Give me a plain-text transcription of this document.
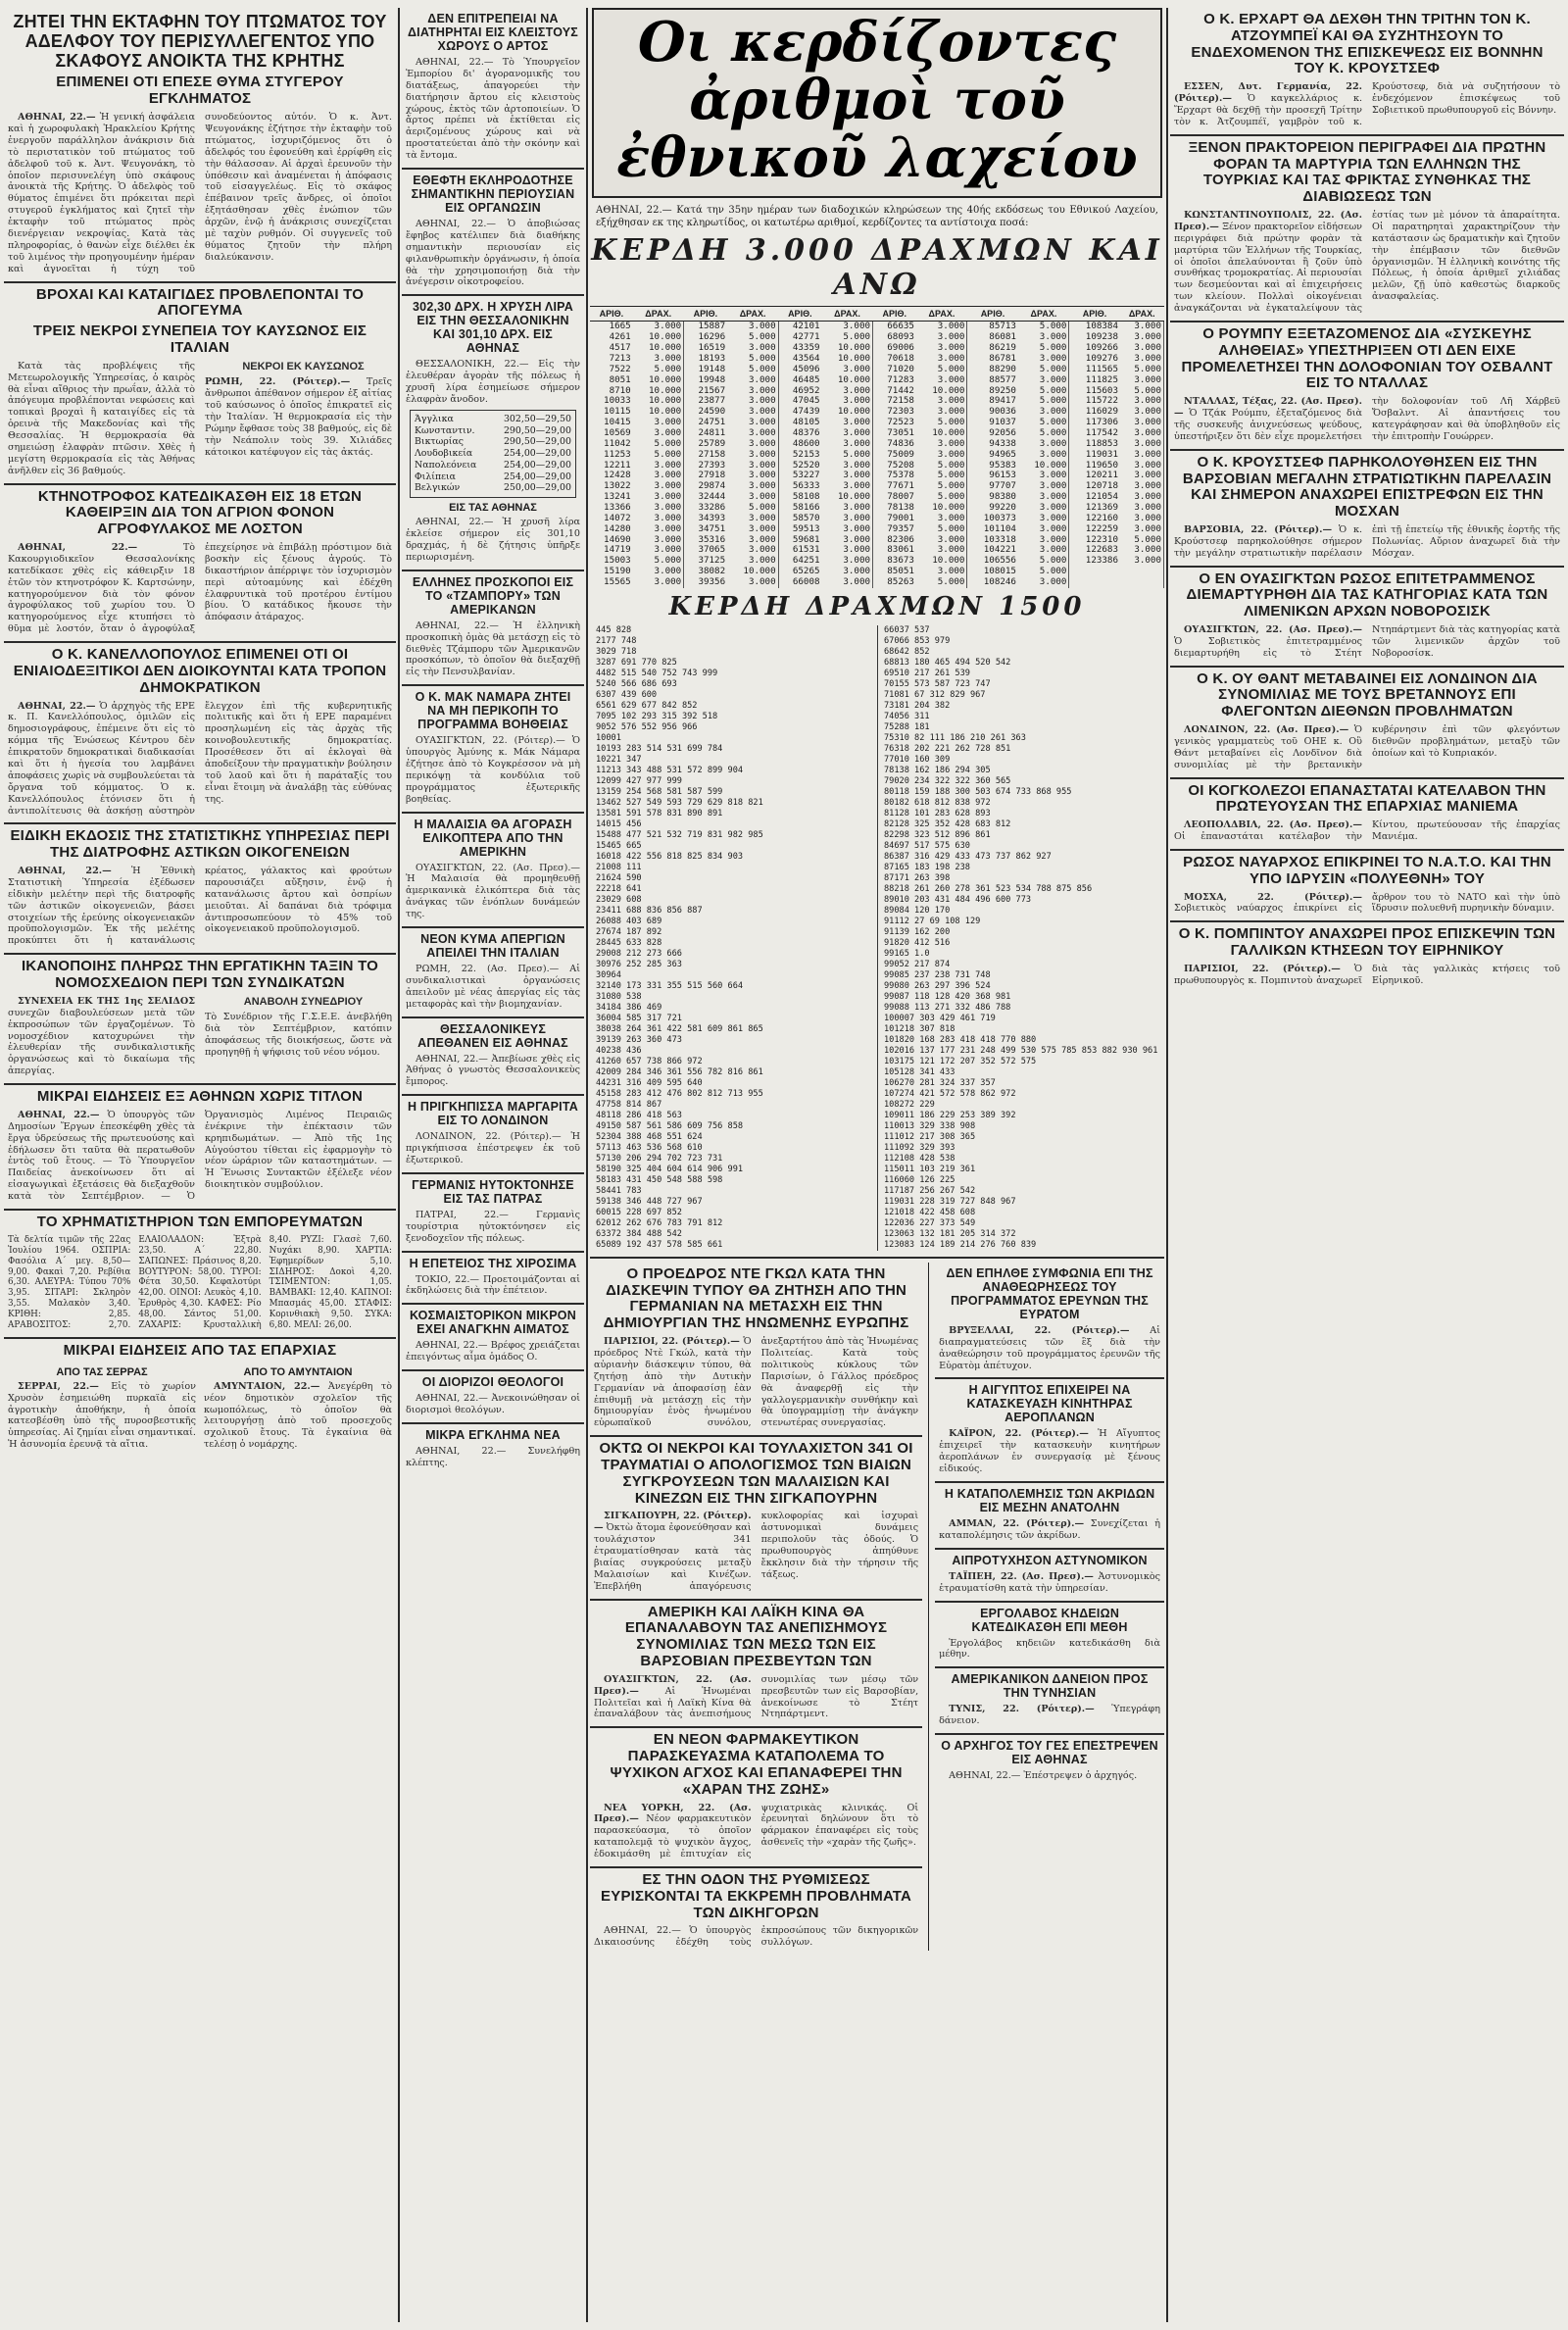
ΖΗΤΕΙ ΤΗΝ ΕΚΤΑΦΗΝ ΤΟΥ ΠΤΩΜΑΤΟΣ ΤΟΥ ΑΔΕΛΦΟΥ ΤΟΥ ΠΕΡΙΣΥΛΛΕΓΕΝΤΟΣ ΥΠΟ ΣΚΑΦΟΥΣ ΑΝΟΙΚΤΑ ΤΗΣ ΚΡΗΤΗΣ
ΕΠΙΜΕΝΕΙ ΟΤΙ ΕΠΕΣΕ ΘΥΜΑ ΣΤΥΓΕΡΟΥ ΕΓΚΛΗΜΑΤΟΣ
ΑΘΗΝΑΙ, 22.— Ἡ γενική ἀσφάλεια καὶ ἡ χωροφυλακὴ Ἡρακλείου Κρήτης ἐνεργοῦν παράλληλον ἀνάκρισιν διὰ τὸ περιστατικὸν τοῦ πτώματος τοῦ ἀδελφοῦ τοῦ κ. Ἀντ. Ψευγονάκη, τὸ ὁποῖον περισυνελέγη ὑπὸ σκάφους ἀνοικτὰ τῆς Κρήτης. Ὁ ἀδελφὸς τοῦ θύματος ἐπιμένει ὅτι πρόκειται περὶ στυγεροῦ ἐγκλήματος καὶ ζητεῖ τὴν ἐκταφὴν τοῦ πτώματος πρὸς διενέργειαν νεκροψίας. Κατὰ τὰς πληροφορίας, ὁ θανὼν εἶχε διέλθει ἐκ τοῦ λιμένος τὴν προηγουμένην ἡμέραν καὶ ἀγνοεῖται ἡ τύχη τοῦ συνοδεύοντος αὐτόν. Ὁ κ. Ἀντ. Ψευγονάκης ἐζήτησε τὴν ἐκταφὴν τοῦ πτώματος, ἰσχυριζόμενος ὅτι ὁ ἀδελφός του ἐφονεύθη καὶ ἐρρίφθη εἰς τὴν θάλασσαν. Αἱ ἀρχαὶ ἐρευνοῦν τὴν ὑπόθεσιν καὶ ἀναμένεται ἡ ἀπόφασις τοῦ εἰσαγγελέως. Εἰς τὸ σκάφος ἐπέβαινον τρεῖς ἄνδρες, οἱ ὁποῖοι ἐξητάσθησαν χθὲς ἐνώπιον τῶν ἀρχῶν, ἐνῷ ἡ ἀνάκρισις συνεχίζεται μὲ ταχὺν ρυθμόν. Οἱ συγγενεῖς τοῦ θύματος ζητοῦν τὴν πλήρη διαλεύκανσιν.
ΒΡΟΧΑΙ ΚΑΙ ΚΑΤΑΙΓΙΔΕΣ ΠΡΟΒΛΕΠΟΝΤΑΙ ΤΟ ΑΠΟΓΕΥΜΑ
ΤΡΕΙΣ ΝΕΚΡΟΙ ΣΥΝΕΠΕΙΑ ΤΟΥ ΚΑΥΣΩΝΟΣ ΕΙΣ ΙΤΑΛΙΑΝ
Κατὰ τὰς προβλέψεις τῆς Μετεωρολογικῆς Ὑπηρεσίας, ὁ καιρὸς θὰ εἶναι αἴθριος τὴν πρωΐαν, ἀλλὰ τὸ ἀπόγευμα προβλέπονται νεφώσεις καὶ τοπικαὶ βροχαὶ ἢ καταιγίδες εἰς τὰ ὀρεινὰ τῆς Μακεδονίας καὶ τῆς Θεσσαλίας. Ἡ θερμοκρασία θὰ σημειώσῃ ἐλαφρὰν πτῶσιν. Χθὲς ἡ μεγίστη θερμοκρασία εἰς τὰς Ἀθήνας ἀνῆλθεν εἰς 36 βαθμούς.
ΝΕΚΡΟΙ ΕΚ ΚΑΥΣΩΝΟΣ
ΡΩΜΗ, 22. (Ρόιτερ).— Τρεῖς ἄνθρωποι ἀπέθανον σήμερον ἐξ αἰτίας τοῦ καύσωνος ὁ ὁποῖος ἐπικρατεῖ εἰς τὴν Ἰταλίαν. Ἡ θερμοκρασία εἰς τὴν Ρώμην ἔφθασε τοὺς 38 βαθμούς, εἰς δὲ τὴν Νεάπολιν τοὺς 39. Χιλιάδες κάτοικοι κατέφυγον εἰς τὰς ἀκτάς.
ΚΤΗΝΟΤΡΟΦΟΣ ΚΑΤΕΔΙΚΑΣΘΗ ΕΙΣ 18 ΕΤΩΝ ΚΑΘΕΙΡΞΙΝ ΔΙΑ ΤΟΝ ΑΓΡΙΟΝ ΦΟΝΟΝ ΑΓΡΟΦΥΛΑΚΟΣ ΜΕ ΛΟΣΤΟΝ
ΑΘΗΝΑΙ, 22.— Τὸ Κακουργιοδικεῖον Θεσσαλονίκης κατεδίκασε χθὲς εἰς κάθειρξιν 18 ἐτῶν τὸν κτηνοτρόφον Κ. Καρτσώνην, κατηγορούμενον διὰ τὸν φόνον ἀγροφύλακος τοῦ χωρίου του. Ὁ κατηγορούμενος εἶχε κτυπήσει τὸ θῦμα μὲ λοστόν, ὅταν ὁ ἀγροφύλαξ ἐπεχείρησε νὰ ἐπιβάλῃ πρόστιμον διὰ βοσκὴν εἰς ξένους ἀγρούς. Τὸ δικαστήριον ἀπέρριψε τὸν ἰσχυρισμὸν περὶ αὐτοαμύνης καὶ ἐδέχθη ἐλαφρυντικὰ τοῦ προτέρου ἐντίμου βίου. Ὁ κατάδικος ἤκουσε τὴν ἀπόφασιν ἀτάραχος.
Ο Κ. ΚΑΝΕΛΛΟΠΟΥΛΟΣ ΕΠΙΜΕΝΕΙ ΟΤΙ ΟΙ ΕΝΙΑΙΟΔΕΞΙΤΙΚΟΙ ΔΕΝ ΔΙΟΙΚΟΥΝΤΑΙ ΚΑΤΑ ΤΡΟΠΟΝ ΔΗΜΟΚΡΑΤΙΚΟΝ
ΑΘΗΝΑΙ, 22.— Ὁ ἀρχηγὸς τῆς ΕΡΕ κ. Π. Κανελλόπουλος, ὁμιλῶν εἰς δημοσιογράφους, ἐπέμεινε ὅτι εἰς τὸ κόμμα τῆς Ἑνώσεως Κέντρου δὲν ἐπικρατοῦν δημοκρατικαὶ διαδικασίαι καὶ ὅτι ἡ ἡγεσία του λαμβάνει ἀποφάσεις χωρὶς νὰ συμβουλεύεται τὰ ὄργανα τοῦ κόμματος. Ὁ κ. Κανελλόπουλος ἐτόνισεν ὅτι ἡ ἀντιπολίτευσις θὰ ἀσκήσῃ αὐστηρὸν ἔλεγχον ἐπὶ τῆς κυβερνητικῆς πολιτικῆς καὶ ὅτι ἡ ΕΡΕ παραμένει προσηλωμένη εἰς τὰς ἀρχὰς τῆς κοινοβουλευτικῆς δημοκρατίας. Προσέθεσεν ὅτι αἱ ἐκλογαὶ θὰ ἀποδείξουν τὴν πραγματικὴν βούλησιν τοῦ λαοῦ καὶ ὅτι ἡ παράταξίς του εἶναι ἕτοιμη νὰ ἀναλάβῃ τὰς εὐθύνας της.
ΕΙΔΙΚΗ ΕΚΔΟΣΙΣ ΤΗΣ ΣΤΑΤΙΣΤΙΚΗΣ ΥΠΗΡΕΣΙΑΣ ΠΕΡΙ ΤΗΣ ΔΙΑΤΡΟΦΗΣ ΑΣΤΙΚΩΝ ΟΙΚΟΓΕΝΕΙΩΝ
ΑΘΗΝΑΙ, 22.— Ἡ Ἐθνικὴ Στατιστικὴ Ὑπηρεσία ἐξέδωσεν εἰδικὴν μελέτην περὶ τῆς διατροφῆς τῶν ἀστικῶν οἰκογενειῶν, βάσει στοιχείων τῆς ἐρεύνης οἰκογενειακῶν προϋπολογισμῶν. Ἐκ τῆς μελέτης προκύπτει ὅτι ἡ κατανάλωσις κρέατος, γάλακτος καὶ φρούτων παρουσιάζει αὔξησιν, ἐνῷ ἡ κατανάλωσις ἄρτου καὶ ὀσπρίων μειοῦται. Αἱ δαπάναι διὰ τρόφιμα ἀντιπροσωπεύουν τὸ 45% τοῦ οἰκογενειακοῦ προϋπολογισμοῦ.
ΙΚΑΝΟΠΟΙΗΣ ΠΛΗΡΩΣ ΤΗΝ ΕΡΓΑΤΙΚΗΝ ΤΑΞΙΝ ΤΟ ΝΟΜΟΣΧΕΔΙΟΝ ΠΕΡΙ ΤΩΝ ΣΥΝΔΙΚΑΤΩΝ
ΣΥΝΕΧΕΙΑ ΕΚ ΤΗΣ 1ης ΣΕΛΙΔΟΣ συνεχῶν διαβουλεύσεων μετὰ τῶν ἐκπροσώπων τῶν ἐργαζομένων. Τὸ νομοσχέδιον κατοχυρώνει τὴν ἐλευθερίαν τῆς συνδικαλιστικῆς ὀργανώσεως καὶ τὸ δικαίωμα τῆς ἀπεργίας.
ΑΝΑΒΟΛΗ ΣΥΝΕΔΡΙΟΥ
Τὸ Συνέδριον τῆς Γ.Σ.Ε.Ε. ἀνεβλήθη διὰ τὸν Σεπτέμβριον, κατόπιν ἀποφάσεως τῆς διοικήσεως, ὥστε νὰ προηγηθῇ ἡ ψήφισις τοῦ νέου νόμου.
ΜΙΚΡΑΙ ΕΙΔΗΣΕΙΣ ΕΞ ΑΘΗΝΩΝ ΧΩΡΙΣ ΤΙΤΛΟΝ
ΑΘΗΝΑΙ, 22.— Ὁ ὑπουργὸς τῶν Δημοσίων Ἔργων ἐπεσκέφθη χθὲς τὰ ἔργα ὑδρεύσεως τῆς πρωτευούσης καὶ ἐδήλωσεν ὅτι ταῦτα θὰ περατωθοῦν ἐντὸς τοῦ ἔτους. — Τὸ Ὑπουργεῖον Παιδείας ἀνεκοίνωσεν ὅτι αἱ εἰσαγωγικαὶ ἐξετάσεις θὰ διεξαχθοῦν κατὰ τὸν Σεπτέμβριον. — Ὁ Ὀργανισμὸς Λιμένος Πειραιῶς ἐνέκρινε τὴν ἐπέκτασιν τῶν κρηπιδωμάτων. — Ἀπὸ τῆς 1ης Αὐγούστου τίθεται εἰς ἐφαρμογὴν τὸ νέον ὡράριον τῶν καταστημάτων. — Ἡ Ἕνωσις Συντακτῶν ἐξέλεξε νέον διοικητικὸν συμβούλιον.
ΤΟ ΧΡΗΜΑΤΙΣΤΗΡΙΟΝ ΤΩΝ ΕΜΠΟΡΕΥΜΑΤΩΝ
Τὰ δελτία τιμῶν τῆς 22ας Ἰουλίου 1964. ΟΣΠΡΙΑ: Φασόλια Α΄ μεγ. 8,50—9,00. Φακαὶ 7,20. Ρεβίθια 6,30. ΑΛΕΥΡΑ: Τύπου 70% 3,95. ΣΙΤΑΡΙ: Σκληρὸν 3,55. Μαλακὸν 3,40. ΚΡΙΘΗ: 2,85. ΑΡΑΒΟΣΙΤΟΣ: 2,70. ΕΛΑΙΟΛΑΔΟΝ: Ἐξτρὰ 23,50. Α΄ 22,80. ΣΑΠΩΝΕΣ: Πράσινος 8,20. ΒΟΥΤΥΡΟΝ: 58,00. ΤΥΡΟΙ: Φέτα 30,50. Κεφαλοτύρι 42,00. ΟΙΝΟΙ: Λευκὸς 4,10. Ἐρυθρὸς 4,30. ΚΑΦΕΣ: Ρίο 48,00. Σάντος 51,00. ΖΑΧΑΡΙΣ: Κρυσταλλικὴ 8,40. ΡΥΖΙ: Γλασὲ 7,60. Νυχάκι 8,90. ΧΑΡΤΙΑ: Ἐφημερίδων 5,10. ΣΙΔΗΡΟΣ: Δοκοὶ 4,20. ΤΣΙΜΕΝΤΟΝ: 1,05. ΒΑΜΒΑΚΙ: 12,40. ΚΑΠΝΟΙ: Μπασμάς 45,00. ΣΤΑΦΙΣ: Κορινθιακὴ 9,50. ΣΥΚΑ: 6,80. ΜΕΛΙ: 26,00.
ΜΙΚΡΑΙ ΕΙΔΗΣΕΙΣ ΑΠΟ ΤΑΣ ΕΠΑΡΧΙΑΣ
ΑΠΟ ΤΑΣ ΣΕΡΡΑΣ
ΣΕΡΡΑΙ, 22.— Εἰς τὸ χωρίον Χρυσὸν ἐσημειώθη πυρκαϊὰ εἰς ἀγροτικὴν ἀποθήκην, ἡ ὁποία κατεσβέσθη ὑπὸ τῆς πυροσβεστικῆς ὑπηρεσίας. Αἱ ζημίαι εἶναι σημαντικαί. Ἡ ἀσυνομία ἐρευνᾷ τὰ αἴτια.
ΑΠΟ ΤΟ ΑΜΥΝΤΑΙΟΝ
ΑΜΥΝΤΑΙΟΝ, 22.— Ἀνεγέρθη τὸ νέον δημοτικὸν σχολεῖον τῆς κωμοπόλεως, τὸ ὁποῖον θὰ λειτουργήσῃ ἀπὸ τοῦ προσεχοῦς σχολικοῦ ἔτους. Τὰ ἐγκαίνια θὰ τελέσῃ ὁ νομάρχης.
ΔΕΝ ΕΠΙΤΡΕΠΕΙΑΙ ΝΑ ΔΙΑΤΗΡΗΤΑΙ ΕΙΣ ΚΛΕΙΣΤΟΥΣ ΧΩΡΟΥΣ Ο ΑΡΤΟΣ
ΑΘΗΝΑΙ, 22.— Τὸ Ὑπουργεῖον Ἐμπορίου δι' ἀγορανομικῆς του διατάξεως, ἀπαγορεύει τὴν διατήρησιν ἄρτου εἰς κλειστοὺς χώρους, ἐκτὸς τῶν ἀρτοποιείων. Ὁ ἄρτος πρέπει νὰ ἐκτίθεται εἰς ἀεριζομένους χώρους καὶ νὰ προστατεύεται ἀπὸ τὴν σκόνην καὶ τὰ ἔντομα.
ΕΘΕΦΤΗ ΕΚΛΗΡΟΔΟΤΗΣΕ ΣΗΜΑΝΤΙΚΗΝ ΠΕΡΙΟΥΣΙΑΝ ΕΙΣ ΟΡΓΑΝΩΣΙΝ
ΑΘΗΝΑΙ, 22.— Ὁ ἀποβιώσας ἔφηβος κατέλιπεν διὰ διαθήκης σημαντικὴν περιουσίαν εἰς φιλανθρωπικὴν ὀργάνωσιν, ἡ ὁποία θὰ τὴν χρησιμοποιήσῃ διὰ τὴν ἀνέγερσιν οἰκοτροφείου.
302,30 ΔΡΧ. Η ΧΡΥΣΗ ΛΙΡΑ ΕΙΣ ΤΗΝ ΘΕΣΣΑΛΟΝΙΚΗΝ ΚΑΙ 301,10 ΔΡΧ. ΕΙΣ ΑΘΗΝΑΣ
ΘΕΣΣΑΛΟΝΙΚΗ, 22.— Εἰς τὴν ἐλευθέραν ἀγορὰν τῆς πόλεως ἡ χρυσῆ λίρα ἐσημείωσε σήμερον ἐλαφρὰν ἄνοδον.
Άγγλικα	302,50—29,50
Κωνσταντιν.	290,50—29,00
Βικτωρίας	290,50—29,00
Λουδοβικεία	254,00—29,00
Ναπολεόνεια	254,00—29,00
Φιλίπεια	254,00—29,00
Βελγικών	250,00—29,00
ΕΙΣ ΤΑΣ ΑΘΗΝΑΣ
ΑΘΗΝΑΙ, 22.— Ἡ χρυσῆ λίρα ἐκλείσε σήμερον εἰς 301,10 δραχμάς, ἡ δὲ ζήτησις ὑπῆρξε περιωρισμένη.
ΕΛΛΗΝΕΣ ΠΡΟΣΚΟΠΟΙ ΕΙΣ ΤΟ «ΤΖΑΜΠΟΡΥ» ΤΩΝ ΑΜΕΡΙΚΑΝΩΝ
ΑΘΗΝΑΙ, 22.— Ἡ ἑλληνικὴ προσκοπικὴ ὁμὰς θὰ μετάσχῃ εἰς τὸ διεθνὲς Τζάμπορυ τῶν Ἀμερικανῶν προσκόπων, τὸ ὁποῖον θὰ διεξαχθῇ εἰς τὴν Πενσυλβανίαν.
Ο Κ. ΜΑΚ ΝΑΜΑΡΑ ΖΗΤΕΙ ΝΑ ΜΗ ΠΕΡΙΚΟΠΗ ΤΟ ΠΡΟΓΡΑΜΜΑ ΒΟΗΘΕΙΑΣ
ΟΥΑΣΙΓΚΤΩΝ, 22. (Ρόιτερ).— Ὁ ὑπουργὸς Ἀμύνης κ. Μάκ Νάμαρα ἐζήτησε ἀπὸ τὸ Κογκρέσσον νὰ μὴ περικόψῃ τὰ κονδύλια τοῦ προγράμματος ἐξωτερικῆς βοηθείας.
Η ΜΑΛΑΙΣΙΑ ΘΑ ΑΓΟΡΑΣΗ ΕΛΙΚΟΠΤΕΡΑ ΑΠΟ ΤΗΝ ΑΜΕΡΙΚΗΝ
ΟΥΑΣΙΓΚΤΩΝ, 22. (Ασ. Πρεσ).— Ἡ Μαλαισία θὰ προμηθευθῇ ἀμερικανικὰ ἑλικόπτερα διὰ τὰς ἀνάγκας τῶν ἐνόπλων δυνάμεών της.
ΝΕΟΝ ΚΥΜΑ ΑΠΕΡΓΙΩΝ ΑΠΕΙΛΕΙ ΤΗΝ ΙΤΑΛΙΑΝ
ΡΩΜΗ, 22. (Ασ. Πρεσ).— Αἱ συνδικαλιστικαὶ ὀργανώσεις ἀπειλοῦν μὲ νέας ἀπεργίας εἰς τὰς μεταφορὰς καὶ τὴν βιομηχανίαν.
ΘΕΣΣΑΛΟΝΙΚΕΥΣ ΑΠΕΘΑΝΕΝ ΕΙΣ ΑΘΗΝΑΣ
ΑΘΗΝΑΙ, 22.— Ἀπεβίωσε χθὲς εἰς Ἀθήνας ὁ γνωστὸς Θεσσαλονικεὺς ἔμπορος.
Η ΠΡΙΓΚΗΠΙΣΣΑ ΜΑΡΓΑΡΙΤΑ ΕΙΣ ΤΟ ΛΟΝΔΙΝΟΝ
ΛΟΝΔΙΝΟΝ, 22. (Ρόιτερ).— Ἡ πριγκήπισσα ἐπέστρεψεν ἐκ τοῦ ἐξωτερικοῦ.
ΓΕΡΜΑΝΙΣ ΗΥΤΟΚΤΟΝΗΣΕ ΕΙΣ ΤΑΣ ΠΑΤΡΑΣ
ΠΑΤΡΑΙ, 22.— Γερμανὶς τουρίστρια ηὐτοκτόνησεν εἰς ξενοδοχεῖον τῆς πόλεως.
Η ΕΠΕΤΕΙΟΣ ΤΗΣ ΧΙΡΟΣΙΜΑ
ΤΟΚΙΟ, 22.— Προετοιμάζονται αἱ ἐκδηλώσεις διὰ τὴν ἐπέτειον.
ΚΟΣΜΑΙΣΤΟΡΙΚΟΝ ΜΙΚΡΟΝ ΕΧΕΙ ΑΝΑΓΚΗΝ ΑΙΜΑΤΟΣ
ΑΘΗΝΑΙ, 22.— Βρέφος χρειάζεται ἐπειγόντως αἷμα ὁμάδος Ο.
ΟΙ ΔΙΟΡΙΖΟΙ ΘΕΟΛΟΓΟΙ
ΑΘΗΝΑΙ, 22.— Ἀνεκοινώθησαν οἱ διορισμοὶ θεολόγων.
ΜΙΚΡΑ ΕΓΚΛΗΜΑ ΝΕΑ
ΑΘΗΝΑΙ, 22.— Συνελήφθη κλέπτης.
Οι κερδίζοντες ἀριθμοὶ τοῦ ἐθνικοῦ λαχείου
ΑΘΗΝΑΙ, 22.— Κατά την 35ην ημέραν των διαδοχικών κληρώσεων της 40ής εκδόσεως του Εθνικού Λαχείου, εξήχθησαν εκ της κληρωτίδος, οι κατωτέρω αριθμοί, κερδίζοντες τα αντίστοιχα ποσά:
ΚΕΡΔΗ 3.000 ΔΡΑΧΜΩΝ ΚΑΙ ΑΝΩ
ΑΡΙΘ.	ΔΡΑΧ.	ΑΡΙΘ.	ΔΡΑΧ.	ΑΡΙΘ.	ΔΡΑΧ.	ΑΡΙΘ.	ΔΡΑΧ.	ΑΡΙΘ.	ΔΡΑΧ.	ΑΡΙΘ.	ΔΡΑΧ.
1665	3.000	15887	3.000	42101	3.000	66635	3.000	85713	5.000	108384	3.000
4261	10.000	16296	5.000	42771	5.000	68093	3.000	86081	3.000	109238	3.000
4517	10.000	16519	3.000	43359	10.000	69006	3.000	86219	5.000	109266	3.000
7213	3.000	18193	5.000	43564	10.000	70618	3.000	86781	3.000	109276	3.000
7522	5.000	19148	5.000	45096	3.000	71020	5.000	88290	5.000	111565	5.000
8051	10.000	19948	3.000	46485	10.000	71283	3.000	88577	3.000	111825	3.000
8710	10.000	21567	3.000	46952	3.000	71442	10.000	89250	5.000	115603	5.000
10033	10.000	23877	3.000	47045	3.000	72158	3.000	89417	5.000	115722	3.000
10115	10.000	24590	3.000	47439	10.000	72303	3.000	90036	3.000	116029	3.000
10415	3.000	24751	3.000	48105	3.000	72523	5.000	91037	5.000	117306	3.000
10569	3.000	24811	3.000	48376	3.000	73051	10.000	92056	5.000	117542	3.000
11042	5.000	25789	3.000	48600	3.000	74836	3.000	94338	3.000	118853	3.000
11253	5.000	27158	3.000	52153	5.000	75009	3.000	94965	3.000	119031	3.000
12211	3.000	27393	3.000	52520	3.000	75208	5.000	95383	10.000	119650	3.000
12428	3.000	27918	3.000	53227	3.000	75378	5.000	96153	3.000	120211	3.000
13022	3.000	29874	3.000	56333	3.000	77671	5.000	97707	3.000	120718	3.000
13241	3.000	32444	3.000	58108	10.000	78007	5.000	98380	3.000	121054	3.000
13366	3.000	33286	5.000	58166	3.000	78138	10.000	99220	3.000	121369	3.000
14072	3.000	34393	3.000	58570	3.000	79001	3.000	100373	3.000	122160	3.000
14280	3.000	34751	3.000	59513	3.000	79357	5.000	101104	3.000	122259	3.000
14690	3.000	35316	3.000	59681	3.000	82306	3.000	103318	3.000	122310	5.000
14719	3.000	37065	3.000	61531	3.000	83061	3.000	104221	3.000	122683	3.000
15003	5.000	37125	3.000	64251	3.000	83673	10.000	106556	5.000	123386	3.000
15190	3.000	38082	10.000	65265	3.000	85051	3.000	108015	5.000		
15565	3.000	39356	3.000	66008	3.000	85263	5.000	108246	3.000		
ΚΕΡΔΗ ΔΡΑΧΜΩΝ 1500
445 828
2177 748
3029 718
3287 691 770 825
4482 515 540 752 743 999
5240 566 686 693
6307 439 600
6561 629 677 842 852
7095 102 293 315 392 518
9052 576 552 956 966
10001
10193 283 514 531 699 784
10221 347
11213 343 488 531 572 899 904
12099 427 977 999
13159 254 568 581 587 599
13462 527 549 593 729 629 818 821
13581 591 578 831 890 891
14015 456
15488 477 521 532 719 831 982 985
15465 665
16018 422 556 818 825 834 903
21008 111
21624 590
22218 641
23029 608
23411 688 836 856 887
26088 403 689
27674 187 892
28445 633 828
29008 212 273 666
30976 252 285 363
30964
32140 173 331 355 515 560 664
31080 538
34184 386 469
36004 585 317 721
38038 264 361 422 581 609 861 865
39139 263 360 473
40238 436
41260 657 738 866 972
42009 284 346 361 556 782 816 861
44231 316 409 595 640
45158 283 412 476 802 812 713 955
47758 814 867
48118 286 418 563
49150 587 561 586 609 756 858
52304 388 468 551 624
57113 463 536 568 610
57130 206 294 702 723 731
58190 325 404 604 614 906 991
58183 431 450 548 588 598
58441 783
59138 346 448 727 967
60015 228 697 852
62012 262 676 783 791 812
63372 384 488 542
65089 192 437 578 585 661
66037 537
67066 853 979
68642 852
68813 180 465 494 520 542
69510 217 261 539
70155 573 587 723 747
71081 67 312 829 967
73181 204 382
74056 311
75288 181
75310 82 111 186 210 261 363
76318 202 221 262 728 851
77010 160 309
78138 162 186 294 305
79020 234 322 322 360 565
80118 159 188 300 503 674 733 868 955
80182 618 812 838 972
81128 101 283 628 893
82128 325 352 428 683 812
82298 323 512 896 861
84697 517 575 630
86387 316 429 433 473 737 862 927
87165 183 198 238
87171 263 398
88218 261 260 278 361 523 534 788 875 856
89010 203 431 484 496 600 773
89084 120 170
91112 27 69 108 129
91139 162 200
91820 412 516
99165 1.0
99052 217 874
99085 237 238 731 748
99080 263 297 396 524
99087 118 128 420 368 981
99088 113 271 332 486 788
100007 303 429 461 719
101218 307 818
101820 168 283 418 418 770 880
102016 137 177 231 248 499 530 575 785 853 882 930 961
103175 121 172 207 352 572 575
105128 341 433
106270 281 324 337 357
107274 421 572 578 862 972
108272 229
109011 186 229 253 389 392
110013 329 338 908
111012 217 308 365
111092 329 393
112108 428 538
115011 103 219 361
116060 126 225
117187 256 267 542
119031 228 319 727 848 967
121018 422 458 608
122036 227 373 549
123063 132 181 205 314 372
123083 124 189 214 276 760 839
Ο ΠΡΟΕΔΡΟΣ ΝΤΕ ΓΚΩΛ ΚΑΤΑ ΤΗΝ ΔΙΑΣΚΕΨΙΝ ΤΥΠΟΥ ΘΑ ΖΗΤΗΣΗ ΑΠΟ ΤΗΝ ΓΕΡΜΑΝΙΑΝ ΝΑ ΜΕΤΑΣΧΗ ΕΙΣ ΤΗΝ ΔΗΜΙΟΥΡΓΙΑΝ ΤΗΣ ΗΝΩΜΕΝΗΣ ΕΥΡΩΠΗΣ
ΠΑΡΙΣΙΟΙ, 22. (Ρόιτερ).— Ὁ πρόεδρος Ντὲ Γκώλ, κατὰ τὴν αὐριανὴν διάσκεψιν τύπου, θὰ ζητήσῃ ἀπὸ τὴν Δυτικὴν Γερμανίαν νὰ ἀποφασίσῃ ἐὰν ἐπιθυμῇ νὰ μετάσχῃ εἰς τὴν δημιουργίαν ἑνὸς ἡνωμένου εὐρωπαϊκοῦ συνόλου, ἀνεξαρτήτου ἀπὸ τὰς Ἡνωμένας Πολιτείας. Κατὰ τοὺς πολιτικοὺς κύκλους τῶν Παρισίων, ὁ Γάλλος πρόεδρος θὰ ἀναφερθῇ εἰς τὴν γαλλογερμανικὴν συνθήκην καὶ θὰ ὑπογραμμίσῃ τὴν ἀνάγκην στενωτέρας συνεργασίας.
ΟΚΤΩ ΟΙ ΝΕΚΡΟΙ ΚΑΙ ΤΟΥΛΑΧΙΣΤΟΝ 341 ΟΙ ΤΡΑΥΜΑΤΙΑΙ Ο ΑΠΟΛΟΓΙΣΜΟΣ ΤΩΝ ΒΙΑΙΩΝ ΣΥΓΚΡΟΥΣΕΩΝ ΤΩΝ ΜΑΛΑΙΣΙΩΝ ΚΑΙ ΚΙΝΕΖΩΝ ΕΙΣ ΤΗΝ ΣΙΓΚΑΠΟΥΡΗΝ
ΣΙΓΚΑΠΟΥΡΗ, 22. (Ρόιτερ).— Ὀκτὼ ἄτομα ἐφονεύθησαν καὶ τουλάχιστον 341 ἐτραυματίσθησαν κατὰ τὰς βιαίας συγκρούσεις μεταξὺ Μαλαισίων καὶ Κινέζων. Ἐπεβλήθη ἀπαγόρευσις κυκλοφορίας καὶ ἰσχυραὶ ἀστυνομικαὶ δυνάμεις περιπολοῦν τὰς ὁδούς. Ὁ πρωθυπουργὸς ἀπηύθυνε ἔκκλησιν διὰ τὴν τήρησιν τῆς τάξεως.
ΑΜΕΡΙΚΗ ΚΑΙ ΛΑΪΚΗ ΚΙΝΑ ΘΑ ΕΠΑΝΑΛΑΒΟΥΝ ΤΑΣ ΑΝΕΠΙΣΗΜΟΥΣ ΣΥΝΟΜΙΛΙΑΣ ΤΩΝ ΜΕΣΩ ΤΩΝ ΕΙΣ ΒΑΡΣΟΒΙΑΝ ΠΡΕΣΒΕΥΤΩΝ ΤΩΝ
ΟΥΑΣΙΓΚΤΩΝ, 22. (Ασ. Πρεσ).— Αἱ Ἡνωμέναι Πολιτεῖαι καὶ ἡ Λαϊκὴ Κίνα θὰ ἐπαναλάβουν τὰς ἀνεπισήμους συνομιλίας των μέσῳ τῶν πρεσβευτῶν των εἰς Βαρσοβίαν, ἀνεκοίνωσε τὸ Στέητ Ντηπάρτμεντ.
ΕΝ ΝΕΟΝ ΦΑΡΜΑΚΕΥΤΙΚΟΝ ΠΑΡΑΣΚΕΥΑΣΜΑ ΚΑΤΑΠΟΛΕΜΑ ΤΟ ΨΥΧΙΚΟΝ ΑΓΧΟΣ ΚΑΙ ΕΠΑΝΑΦΕΡΕΙ ΤΗΝ «ΧΑΡΑΝ ΤΗΣ ΖΩΗΣ»
ΝΕΑ ΥΟΡΚΗ, 22. (Ασ. Πρεσ).— Νέον φαρμακευτικὸν παρασκεύασμα, τὸ ὁποῖον καταπολεμᾷ τὸ ψυχικὸν ἄγχος, ἐδοκιμάσθη μὲ ἐπιτυχίαν εἰς ψυχιατρικὰς κλινικάς. Οἱ ἐρευνηταὶ δηλώνουν ὅτι τὸ φάρμακον ἐπαναφέρει εἰς τοὺς ἀσθενεῖς τὴν «χαρὰν τῆς ζωῆς».
ΕΣ ΤΗΝ ΟΔΟΝ ΤΗΣ ΡΥΘΜΙΣΕΩΣ ΕΥΡΙΣΚΟΝΤΑΙ ΤΑ ΕΚΚΡΕΜΗ ΠΡΟΒΛΗΜΑΤΑ ΤΩΝ ΔΙΚΗΓΟΡΩΝ
ΑΘΗΝΑΙ, 22.— Ὁ ὑπουργὸς Δικαιοσύνης ἐδέχθη τοὺς ἐκπροσώπους τῶν δικηγορικῶν συλλόγων.
ΔΕΝ ΕΠΗΛΘΕ ΣΥΜΦΩΝΙΑ ΕΠΙ ΤΗΣ ΑΝΑΘΕΩΡΗΣΕΩΣ ΤΟΥ ΠΡΟΓΡΑΜΜΑΤΟΣ ΕΡΕΥΝΩΝ ΤΗΣ ΕΥΡΑΤΟΜ
ΒΡΥΞΕΛΛΑΙ, 22. (Ρόιτερ).— Αἱ διαπραγματεύσεις τῶν ἓξ διὰ τὴν ἀναθεώρησιν τοῦ προγράμματος ἐρευνῶν τῆς Εὐρατὸμ ἀπέτυχον.
Η ΑΙΓΥΠΤΟΣ ΕΠΙΧΕΙΡΕΙ ΝΑ ΚΑΤΑΣΚΕΥΑΣΗ ΚΙΝΗΤΗΡΑΣ ΑΕΡΟΠΛΑΝΩΝ
ΚΑΪΡΟΝ, 22. (Ρόιτερ).— Ἡ Αἴγυπτος ἐπιχειρεῖ τὴν κατασκευὴν κινητήρων ἀεροπλάνων ἐν συνεργασίᾳ μὲ ξένους εἰδικούς.
Η ΚΑΤΑΠΟΛΕΜΗΣΙΣ ΤΩΝ ΑΚΡΙΔΩΝ ΕΙΣ ΜΕΣΗΝ ΑΝΑΤΟΛΗΝ
ΑΜΜΑΝ, 22. (Ρόιτερ).— Συνεχίζεται ἡ καταπολέμησις τῶν ἀκρίδων.
ΑΙΠΡΟΤΥΧΗΣΟΝ ΑΣΤΥΝΟΜΙΚΟΝ
ΤΑΪΠΕΗ, 22. (Ασ. Πρεσ).— Ἀστυνομικὸς ἐτραυματίσθη κατὰ τὴν ὑπηρεσίαν.
ΕΡΓΟΛΑΒΟΣ ΚΗΔΕΙΩΝ ΚΑΤΕΔΙΚΑΣΘΗ ΕΠΙ ΜΕΘΗ
Ἐργολάβος κηδειῶν κατεδικάσθη διὰ μέθην.
ΑΜΕΡΙΚΑΝΙΚΟΝ ΔΑΝΕΙΟΝ ΠΡΟΣ ΤΗΝ ΤΥΝΗΣΙΑΝ
ΤΥΝΙΣ, 22. (Ρόιτερ).— Ὑπεγράφη δάνειον.
Ο ΑΡΧΗΓΟΣ ΤΟΥ ΓΕΣ ΕΠΕΣΤΡΕΨΕΝ ΕΙΣ ΑΘΗΝΑΣ
ΑΘΗΝΑΙ, 22.— Ἐπέστρεψεν ὁ ἀρχηγός.
Ο Κ. ΕΡΧΑΡΤ ΘΑ ΔΕΧΘΗ ΤΗΝ ΤΡΙΤΗΝ ΤΟΝ Κ. ΑΤΖΟΥΜΠΕΪ ΚΑΙ ΘΑ ΣΥΖΗΤΗΣΟΥΝ ΤΟ ΕΝΔΕΧΟΜΕΝΟΝ ΤΗΣ ΕΠΙΣΚΕΨΕΩΣ ΕΙΣ ΒΟΝΝΗΝ ΤΟΥ Κ. ΚΡΟΥΣΤΣΕΦ
ΕΣΣΕΝ, Δυτ. Γερμανία, 22. (Ρόιτερ).— Ὁ καγκελλάριος κ. Ἔρχαρτ θὰ δεχθῇ τὴν προσεχῆ Τρίτην τὸν κ. Ἀτζουμπέϊ, γαμβρὸν τοῦ κ. Κρούστσεφ, διὰ νὰ συζητήσουν τὸ ἐνδεχόμενον ἐπισκέψεως τοῦ Σοβιετικοῦ πρωθυπουργοῦ εἰς Βόννην.
ΞΕΝΟΝ ΠΡΑΚΤΟΡΕΙΟΝ ΠΕΡΙΓΡΑΦΕΙ ΔΙΑ ΠΡΩΤΗΝ ΦΟΡΑΝ ΤΑ ΜΑΡΤΥΡΙΑ ΤΩΝ ΕΛΛΗΝΩΝ ΤΗΣ ΤΟΥΡΚΙΑΣ ΚΑΙ ΤΑΣ ΦΡΙΚΤΑΣ ΣΥΝΘΗΚΑΣ ΤΗΣ ΔΙΑΒΙΩΣΕΩΣ ΤΩΝ
ΚΩΝΣΤΑΝΤΙΝΟΥΠΟΛΙΣ, 22. (Ασ. Πρεσ).— Ξένον πρακτορεῖον εἰδήσεων περιγράφει διὰ πρώτην φορὰν τὰ μαρτύρια τῶν Ἑλλήνων τῆς Τουρκίας, οἱ ὁποῖοι ἀπελαύνονται ἢ ζοῦν ὑπὸ συνθήκας τρομοκρατίας. Αἱ περιουσίαι των δεσμεύονται καὶ αἱ ἐπιχειρήσεις των κλείουν. Πολλαὶ οἰκογένειαι ἀναγκάζονται νὰ ἐγκαταλείψουν τὰς ἑστίας των μὲ μόνον τὰ ἀπαραίτητα. Οἱ παρατηρηταὶ χαρακτηρίζουν τὴν κατάστασιν ὡς δραματικὴν καὶ ζητοῦν τὴν ἐπέμβασιν τῶν διεθνῶν ὀργανισμῶν. Ἡ ἑλληνικὴ κοινότης τῆς Πόλεως, ἡ ὁποία ἀριθμεῖ χιλιάδας μελῶν, ζῇ ὑπὸ καθεστὼς διαρκοῦς ἀνασφαλείας.
Ο ΡΟΥΜΠΥ ΕΞΕΤΑΖΟΜΕΝΟΣ ΔΙΑ «ΣΥΣΚΕΥΗΣ ΑΛΗΘΕΙΑΣ» ΥΠΕΣΤΗΡΙΞΕΝ ΟΤΙ ΔΕΝ ΕΙΧΕ ΠΡΟΜΕΛΕΤΗΣΕΙ ΤΗΝ ΔΟΛΟΦΟΝΙΑΝ ΤΟΥ ΟΣΒΑΛΝΤ ΕΙΣ ΤΟ ΝΤΑΛΛΑΣ
ΝΤΑΛΛΑΣ, Τέξας, 22. (Ασ. Πρεσ).— Ὁ Τζάκ Ρούμπυ, ἐξεταζόμενος διὰ τῆς συσκευῆς ἀνιχνεύσεως ψεύδους, ὑπεστήριξεν ὅτι δὲν εἶχε προμελετήσει τὴν δολοφονίαν τοῦ Λῆ Χάρβεϋ Ὄσβαλντ. Αἱ ἀπαντήσεις του κατεγράφησαν καὶ θὰ ὑποβληθοῦν εἰς τὴν ἐπιτροπὴν Γουώρρεν.
Ο Κ. ΚΡΟΥΣΤΣΕΦ ΠΑΡΗΚΟΛΟΥΘΗΣΕΝ ΕΙΣ ΤΗΝ ΒΑΡΣΟΒΙΑΝ ΜΕΓΑΛΗΝ ΣΤΡΑΤΙΩΤΙΚΗΝ ΠΑΡΕΛΑΣΙΝ ΚΑΙ ΣΗΜΕΡΟΝ ΑΝΑΧΩΡΕΙ ΕΠΙΣΤΡΕΦΩΝ ΕΙΣ ΤΗΝ ΜΟΣΧΑΝ
ΒΑΡΣΟΒΙΑ, 22. (Ρόιτερ).— Ὁ κ. Κρούστσεφ παρηκολούθησε σήμερον τὴν μεγάλην στρατιωτικὴν παρέλασιν ἐπὶ τῇ ἐπετείῳ τῆς ἐθνικῆς ἑορτῆς τῆς Πολωνίας. Αὔριον ἀναχωρεῖ διὰ τὴν Μόσχαν.
Ο ΕΝ ΟΥΑΣΙΓΚΤΩΝ ΡΩΣΟΣ ΕΠΙΤΕΤΡΑΜΜΕΝΟΣ ΔΙΕΜΑΡΤΥΡΗΘΗ ΔΙΑ ΤΑΣ ΚΑΤΗΓΟΡΙΑΣ ΚΑΤΑ ΤΩΝ ΛΙΜΕΝΙΚΩΝ ΑΡΧΩΝ ΝΟΒΟΡΟΣΙΣΚ
ΟΥΑΣΙΓΚΤΩΝ, 22. (Ασ. Πρεσ).— Ὁ Σοβιετικὸς ἐπιτετραμμένος διεμαρτυρήθη εἰς τὸ Στέητ Ντηπάρτμεντ διὰ τὰς κατηγορίας κατὰ τῶν λιμενικῶν ἀρχῶν τοῦ Νοβοροσίσκ.
Ο Κ. ΟΥ ΘΑΝΤ ΜΕΤΑΒΑΙΝΕΙ ΕΙΣ ΛΟΝΔΙΝΟΝ ΔΙΑ ΣΥΝΟΜΙΛΙΑΣ ΜΕ ΤΟΥΣ ΒΡΕΤΑΝΝΟΥΣ ΕΠΙ ΦΛΕΓΟΝΤΩΝ ΔΙΕΘΝΩΝ ΠΡΟΒΛΗΜΑΤΩΝ
ΛΟΝΔΙΝΟΝ, 22. (Ασ. Πρεσ).— Ὁ γενικὸς γραμματεὺς τοῦ ΟΗΕ κ. Οὒ Θάντ μεταβαίνει εἰς Λονδῖνον διὰ συνομιλίας μὲ τὴν βρετανικὴν κυβέρνησιν ἐπὶ τῶν φλεγόντων διεθνῶν προβλημάτων, μεταξὺ τῶν ὁποίων καὶ τὸ Κυπριακόν.
ΟΙ ΚΟΓΚΟΛΕΖΟΙ ΕΠΑΝΑΣΤΑΤΑΙ ΚΑΤΕΛΑΒΟΝ ΤΗΝ ΠΡΩΤΕΥΟΥΣΑΝ ΤΗΣ ΕΠΑΡΧΙΑΣ ΜΑΝΙΕΜΑ
ΛΕΟΠΟΛΔΒΙΛ, 22. (Ασ. Πρεσ).— Οἱ ἐπαναστάται κατέλαβον τὴν Κίντου, πρωτεύουσαν τῆς ἐπαρχίας Μανιέμα.
ΡΩΣΟΣ ΝΑΥΑΡΧΟΣ ΕΠΙΚΡΙΝΕΙ ΤΟ Ν.Α.Τ.Ο. ΚΑΙ ΤΗΝ ΥΠΟ ΙΔΡΥΣΙΝ «ΠΟΛΥΕΘΝΗ» ΤΟΥ
ΜΟΣΧΑ, 22. (Ρόιτερ).— Σοβιετικὸς ναύαρχος ἐπικρίνει εἰς ἄρθρον του τὸ ΝΑΤΟ καὶ τὴν ὑπὸ ἵδρυσιν πολυεθνῆ πυρηνικὴν δύναμιν.
Ο Κ. ΠΟΜΠΙΝΤΟΥ ΑΝΑΧΩΡΕΙ ΠΡΟΣ ΕΠΙΣΚΕΨΙΝ ΤΩΝ ΓΑΛΛΙΚΩΝ ΚΤΗΣΕΩΝ ΤΟΥ ΕΙΡΗΝΙΚΟΥ
ΠΑΡΙΣΙΟΙ, 22. (Ρόιτερ).— Ὁ πρωθυπουργὸς κ. Πομπιντοὺ ἀναχωρεῖ διὰ τὰς γαλλικὰς κτήσεις τοῦ Εἰρηνικοῦ.
